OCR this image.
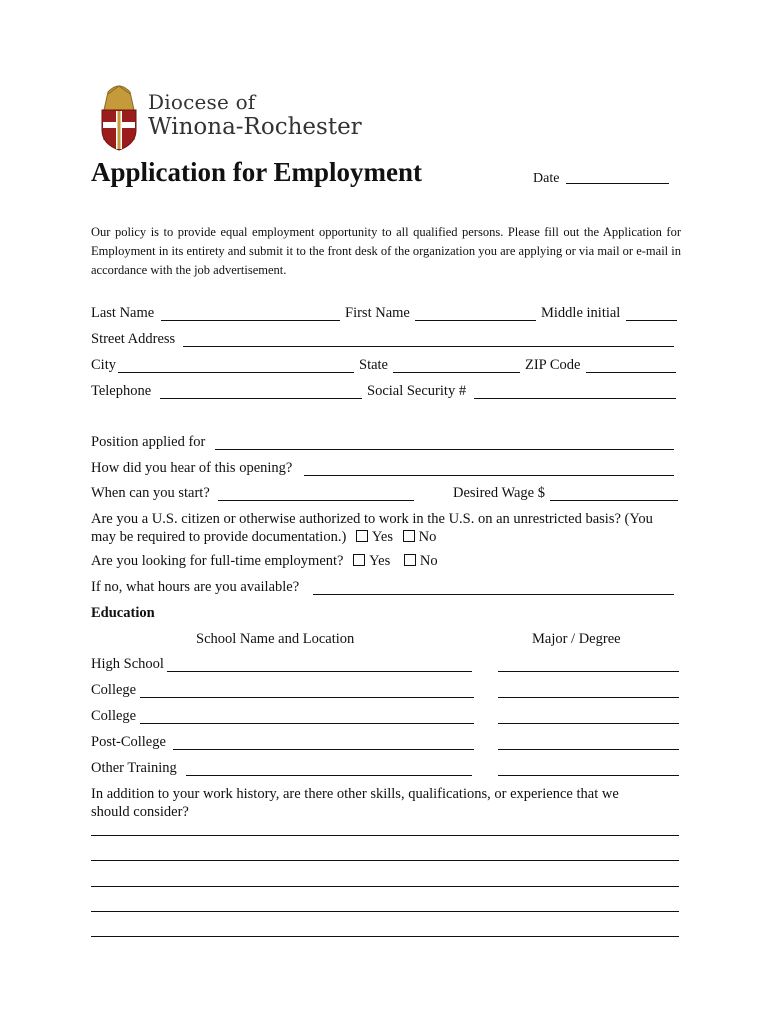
Diocese of
Winona-Rochester
Application for Employment	Date
Our policy is to provide equal employment opportunity to all qualified persons. Please fill out the Application for Employment in its entirety and submit it to the front desk of the organization you are applying or via mail or e-mail in accordance with the job advertisement.
Last Name	First Name	Middle initial
Street Address
City	State	ZIP Code
Telephone	Social Security #
Position applied for
How did you hear of this opening?
When can you start?	Desired Wage $
Are you a U.S. citizen or otherwise authorized to work in the U.S. on an unrestricted basis? (You
may be required to provide documentation.) Yes No
Are you looking for full-time employment? Yes No
If no, what hours are you available?
Education
School Name and Location	Major / Degree
High School
College
College
Post-College
Other Training
In addition to your work history, are there other skills, qualifications, or experience that we
should consider?
